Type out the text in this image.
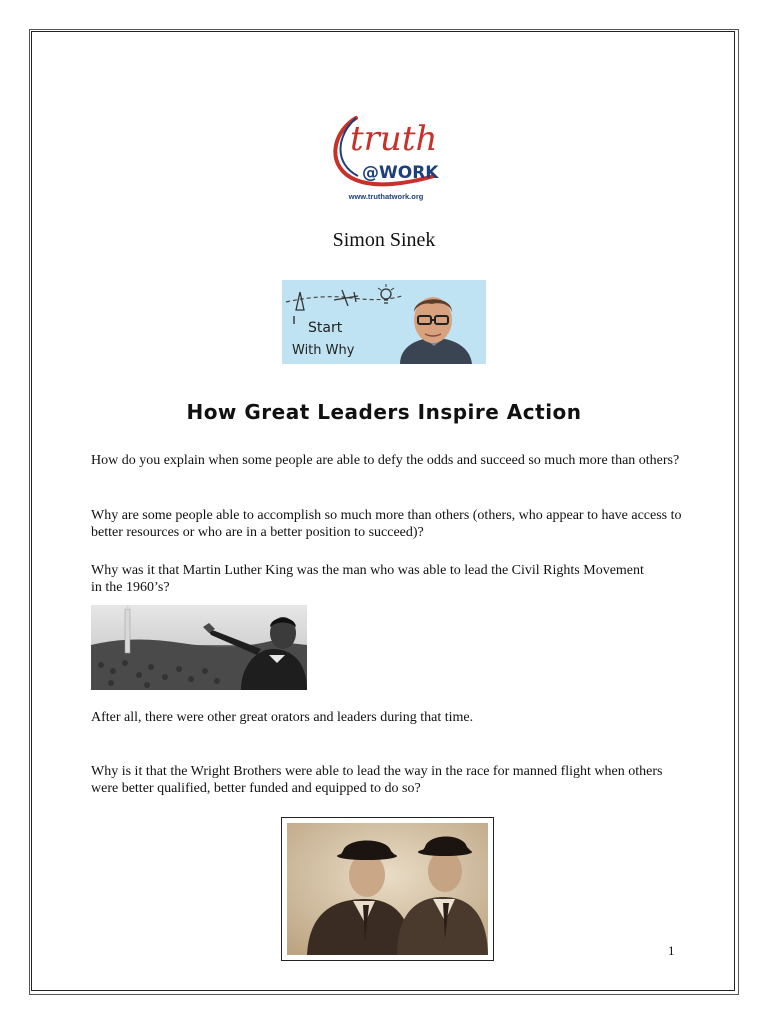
truth
@WORK
www.truthatwork.org
Simon Sinek
Start
With Why
How Great Leaders Inspire Action

How do you explain when some people are able to defy the odds and succeed so much more than others?

Why are some people able to accomplish so much more than others (others, who appear to have access to better resources or who are in a better position to succeed)?

Why was it that Martin Luther King was the man who was able to lead the Civil Rights Movement in the 1960’s?

After all, there were other great orators and leaders during that time.

Why is it that the Wright Brothers were able to lead the way in the race for manned flight when others were better qualified, better funded and equipped to do so?

1
